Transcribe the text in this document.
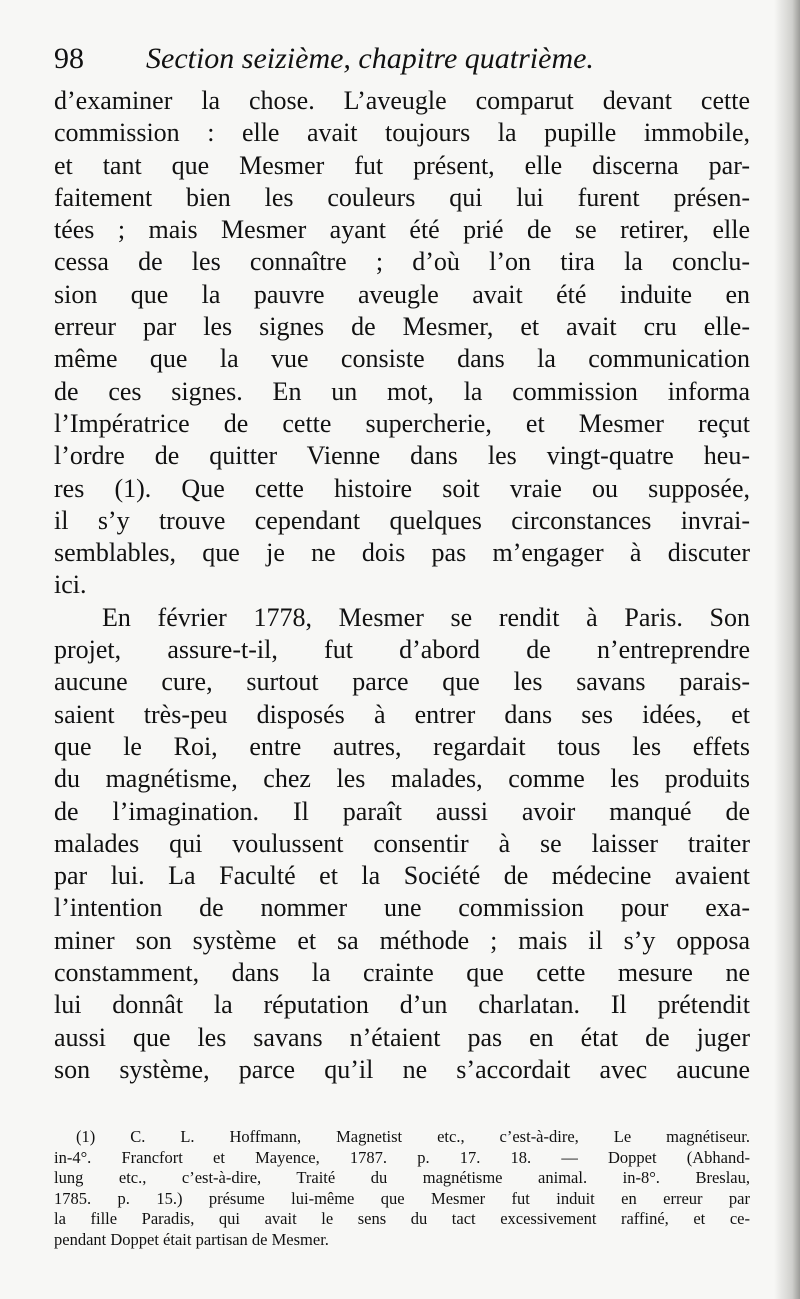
98 Section seizième, chapitre quatrième.
d’examiner la chose. L’aveugle comparut devant cette
commission : elle avait toujours la pupille immobile,
et tant que Mesmer fut présent, elle discerna par-
faitement bien les couleurs qui lui furent présen-
tées ; mais Mesmer ayant été prié de se retirer, elle
cessa de les connaître ; d’où l’on tira la conclu-
sion que la pauvre aveugle avait été induite en
erreur par les signes de Mesmer, et avait cru elle-
même que la vue consiste dans la communication
de ces signes. En un mot, la commission informa
l’Impératrice de cette supercherie, et Mesmer reçut
l’ordre de quitter Vienne dans les vingt-quatre heu-
res (1). Que cette histoire soit vraie ou supposée,
il s’y trouve cependant quelques circonstances invrai-
semblables, que je ne dois pas m’engager à discuter
ici.
En février 1778, Mesmer se rendit à Paris. Son
projet, assure-t-il, fut d’abord de n’entreprendre
aucune cure, surtout parce que les savans parais-
saient très-peu disposés à entrer dans ses idées, et
que le Roi, entre autres, regardait tous les effets
du magnétisme, chez les malades, comme les produits
de l’imagination. Il paraît aussi avoir manqué de
malades qui voulussent consentir à se laisser traiter
par lui. La Faculté et la Société de médecine avaient
l’intention de nommer une commission pour exa-
miner son système et sa méthode ; mais il s’y opposa
constamment, dans la crainte que cette mesure ne
lui donnât la réputation d’un charlatan. Il prétendit
aussi que les savans n’étaient pas en état de juger
son système, parce qu’il ne s’accordait avec aucune
(1) C. L. Hoffmann, Magnetist etc., c’est-à-dire, Le magnétiseur.
in-4°. Francfort et Mayence, 1787. p. 17. 18. — Doppet (Abhand-
lung etc., c’est-à-dire, Traité du magnétisme animal. in-8°. Breslau,
1785. p. 15.) présume lui-même que Mesmer fut induit en erreur par
la fille Paradis, qui avait le sens du tact excessivement raffiné, et ce-
pendant Doppet était partisan de Mesmer.
